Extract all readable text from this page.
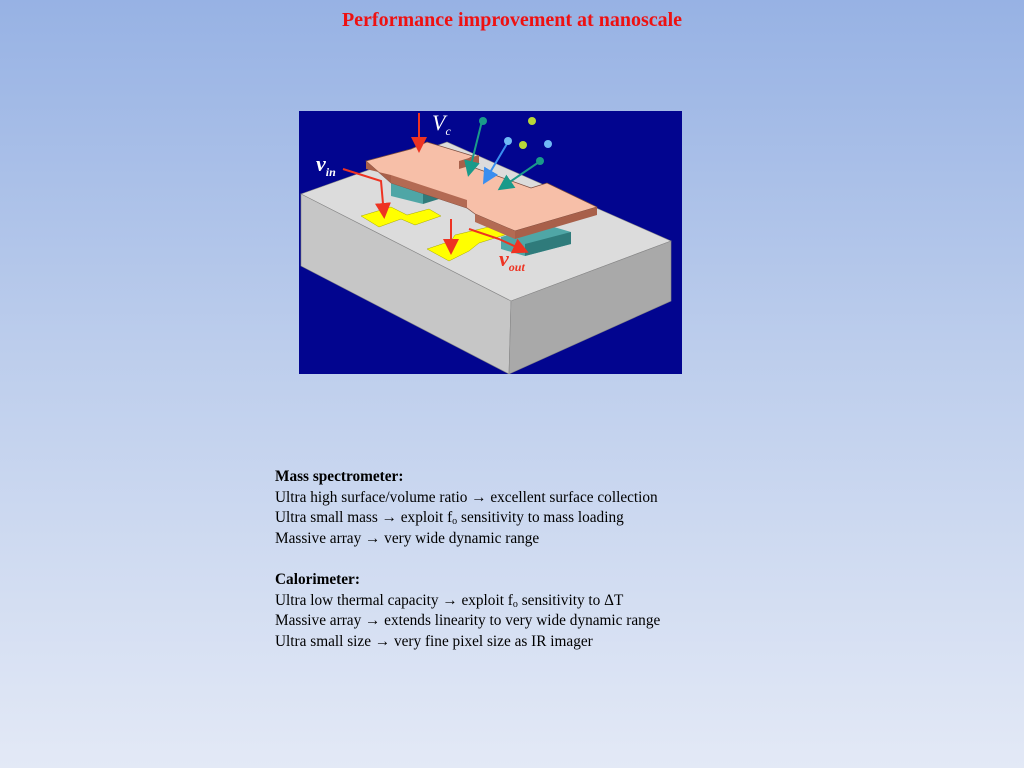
Performance improvement at nanoscale
$V_c$
$v_{in}$
$v_{out}$
Mass spectrometer:
Ultra high surface/volume ratio → excellent surface collection
Ultra small mass → exploit $f_o$ sensitivity to mass loading
Massive array → very wide dynamic range
Calorimeter:
Ultra low thermal capacity → exploit $f_o$ sensitivity to ΔT
Massive array → extends linearity to very wide dynamic range
Ultra small size → very fine pixel size as IR imager
